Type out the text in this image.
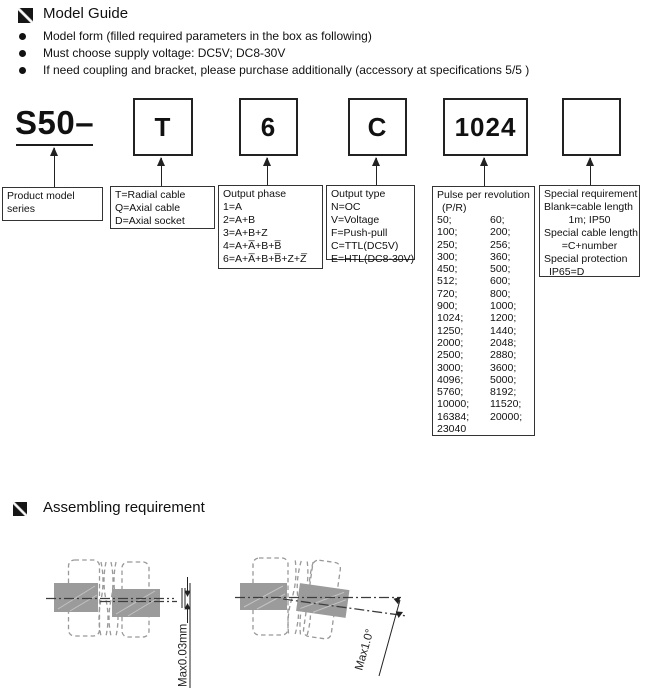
Model Guide
Model form (filled required parameters in the box as following)
Must choose supply voltage: DC5V; DC8-30V
If need coupling and bracket, please purchase additionally (accessory at specifications 5/5 )
S50–	T	6	C	1024
Product model
series
T=Radial cable
Q=Axial cable
D=Axial socket
Output phase
1=A
2=A+B
3=A+B+Z
4=A+A̅+B+B̅
6=A+A̅+B+B̅+Z+Z̅
Output type
N=OC
V=Voltage
F=Push-pull
C=TTL(DC5V)
E=HTL(DC8-30V)
Pulse per revolution
(P/R)
50;	60;
100;	200;
250;	256;
300;	360;
450;	500;
512;	600;
720;	800;
900;	1000;
1024;	1200;
1250;	1440;
2000;	2048;
2500;	2880;
3000;	3600;
4096;	5000;
5760;	8192;
10000;	11520;
16384;	20000;
23040
Special requirement
Blank=cable length
1m; IP50
Special cable length
=C+number
Special protection
IP65=D
Assembling requirement
Max0.03mm	Max1.0°
